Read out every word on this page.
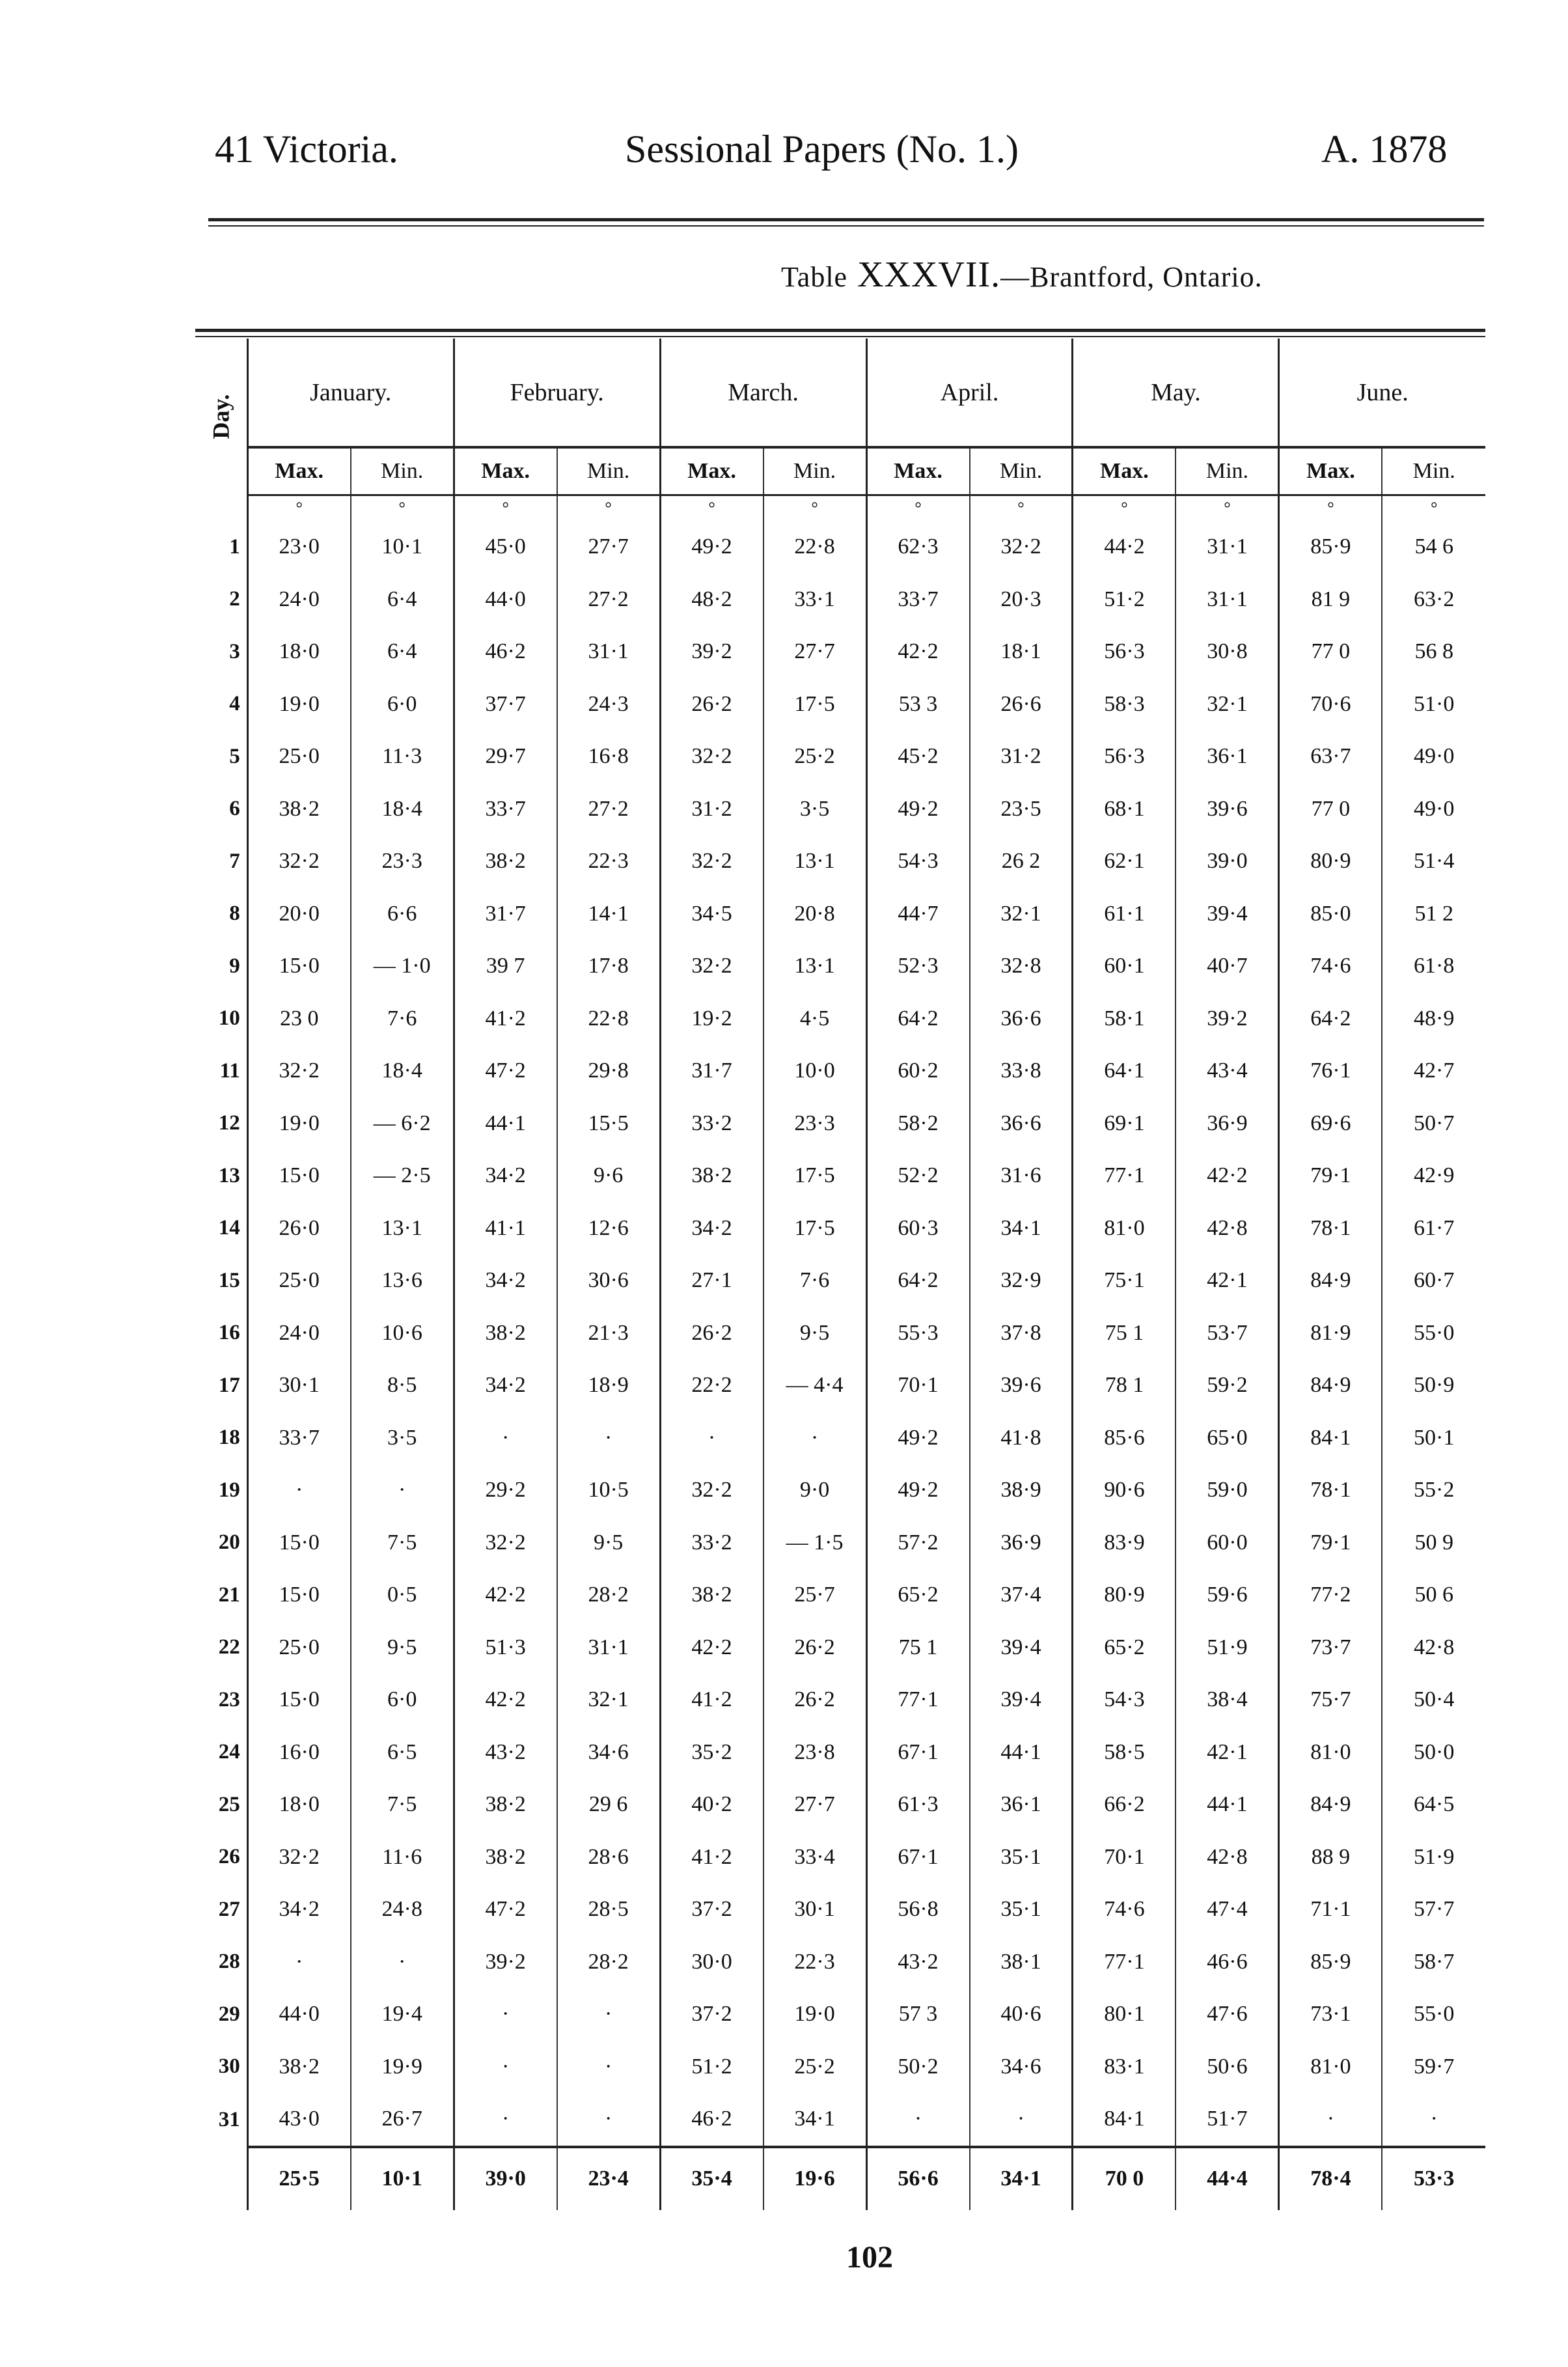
41 Victoria.	Sessional Papers (No. 1.)	A. 1878
Table XXXVII.—Brantford, Ontario.
Day.	January.		February.		March.		April.		May.		June.	
	Max.	Min.	Max.	Min.	Max.	Min.	Max.	Min.	Max.	Min.	Max.	Min.
	°	°	°	°	°	°	°	°	°	°	°	°
1	23·0	10·1	45·0	27·7	49·2	22·8	62·3	32·2	44·2	31·1	85·9	54 6
2	24·0	6·4	44·0	27·2	48·2	33·1	33·7	20·3	51·2	31·1	81 9	63·2
3	18·0	6·4	46·2	31·1	39·2	27·7	42·2	18·1	56·3	30·8	77 0	56 8
4	19·0	6·0	37·7	24·3	26·2	17·5	53 3	26·6	58·3	32·1	70·6	51·0
5	25·0	11·3	29·7	16·8	32·2	25·2	45·2	31·2	56·3	36·1	63·7	49·0
6	38·2	18·4	33·7	27·2	31·2	3·5	49·2	23·5	68·1	39·6	77 0	49·0
7	32·2	23·3	38·2	22·3	32·2	13·1	54·3	26 2	62·1	39·0	80·9	51·4
8	20·0	6·6	31·7	14·1	34·5	20·8	44·7	32·1	61·1	39·4	85·0	51 2
9	15·0	— 1·0	39 7	17·8	32·2	13·1	52·3	32·8	60·1	40·7	74·6	61·8
10	23 0	7·6	41·2	22·8	19·2	4·5	64·2	36·6	58·1	39·2	64·2	48·9
11	32·2	18·4	47·2	29·8	31·7	10·0	60·2	33·8	64·1	43·4	76·1	42·7
12	19·0	— 6·2	44·1	15·5	33·2	23·3	58·2	36·6	69·1	36·9	69·6	50·7
13	15·0	— 2·5	34·2	9·6	38·2	17·5	52·2	31·6	77·1	42·2	79·1	42·9
14	26·0	13·1	41·1	12·6	34·2	17·5	60·3	34·1	81·0	42·8	78·1	61·7
15	25·0	13·6	34·2	30·6	27·1	7·6	64·2	32·9	75·1	42·1	84·9	60·7
16	24·0	10·6	38·2	21·3	26·2	9·5	55·3	37·8	75 1	53·7	81·9	55·0
17	30·1	8·5	34·2	18·9	22·2	— 4·4	70·1	39·6	78 1	59·2	84·9	50·9
18	33·7	3·5	·	·	·	·	49·2	41·8	85·6	65·0	84·1	50·1
19	·	·	29·2	10·5	32·2	9·0	49·2	38·9	90·6	59·0	78·1	55·2
20	15·0	7·5	32·2	9·5	33·2	— 1·5	57·2	36·9	83·9	60·0	79·1	50 9
21	15·0	0·5	42·2	28·2	38·2	25·7	65·2	37·4	80·9	59·6	77·2	50 6
22	25·0	9·5	51·3	31·1	42·2	26·2	75 1	39·4	65·2	51·9	73·7	42·8
23	15·0	6·0	42·2	32·1	41·2	26·2	77·1	39·4	54·3	38·4	75·7	50·4
24	16·0	6·5	43·2	34·6	35·2	23·8	67·1	44·1	58·5	42·1	81·0	50·0
25	18·0	7·5	38·2	29 6	40·2	27·7	61·3	36·1	66·2	44·1	84·9	64·5
26	32·2	11·6	38·2	28·6	41·2	33·4	67·1	35·1	70·1	42·8	88 9	51·9
27	34·2	24·8	47·2	28·5	37·2	30·1	56·8	35·1	74·6	47·4	71·1	57·7
28	·	·	39·2	28·2	30·0	22·3	43·2	38·1	77·1	46·6	85·9	58·7
29	44·0	19·4	·	·	37·2	19·0	57 3	40·6	80·1	47·6	73·1	55·0
30	38·2	19·9	·	·	51·2	25·2	50·2	34·6	83·1	50·6	81·0	59·7
31	43·0	26·7	·	·	46·2	34·1	·	·	84·1	51·7	·	·
	25·5	10·1	39·0	23·4	35·4	19·6	56·6	34·1	70 0	44·4	78·4	53·3
102
